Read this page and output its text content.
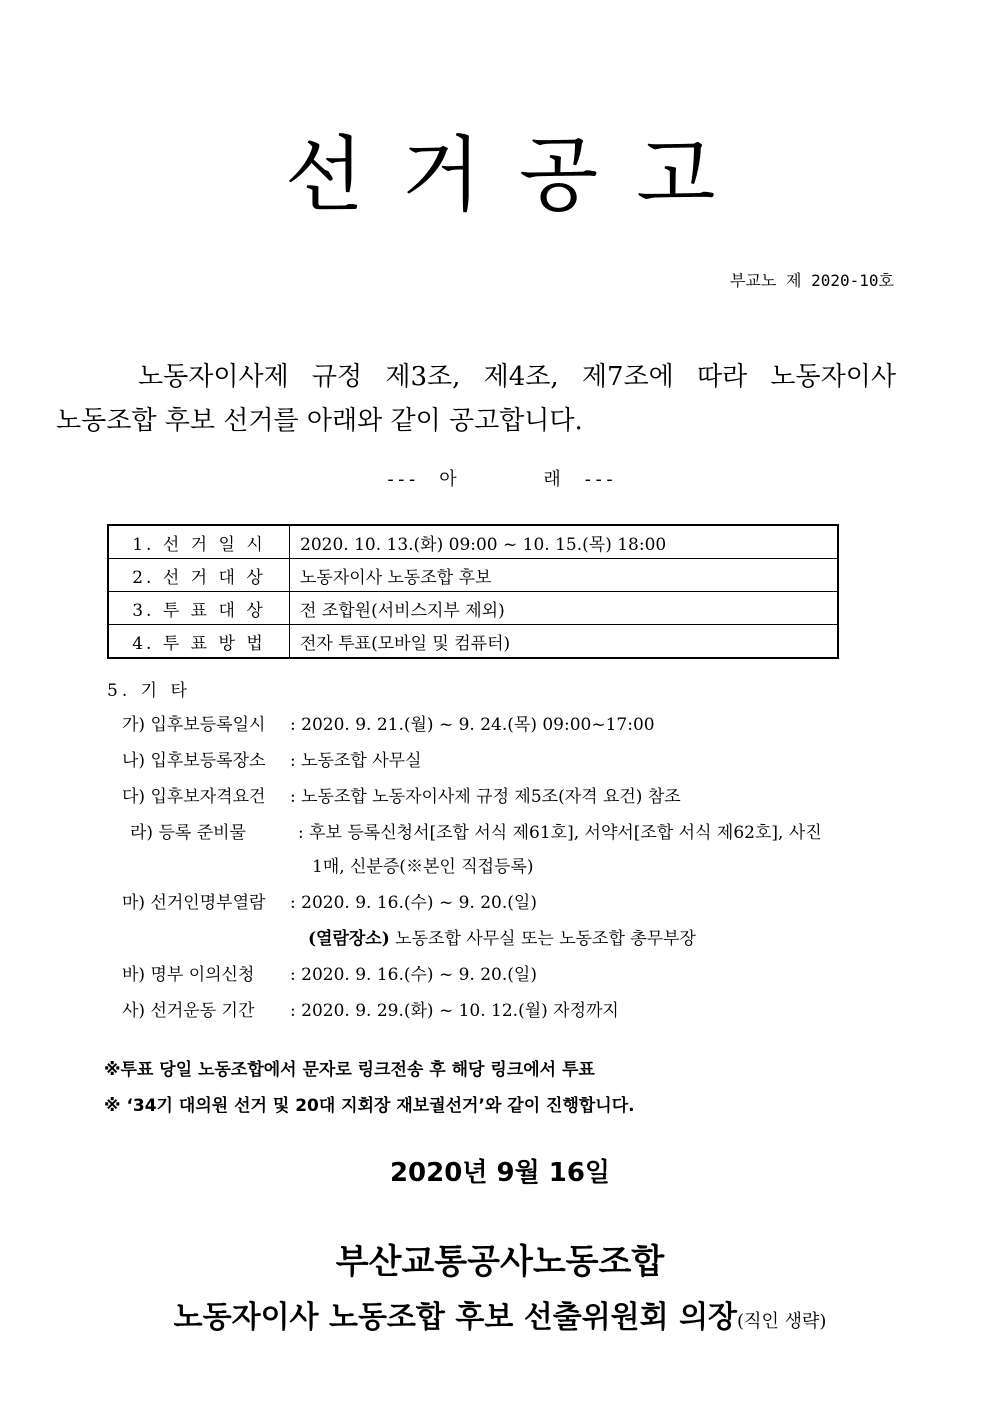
선거공고
부교노 제 2020-10호
노동자이사제 규정 제3조, 제4조, 제7조에 따라 노동자이사
노동조합 후보 선거를 아래와 같이 공고합니다.
---  아        래  ---
1. 선 거 일 시	2020. 10. 13.(화) 09:00 ~ 10. 15.(목) 18:00
2. 선 거 대 상	노동자이사 노동조합 후보
3. 투 표 대 상	전 조합원(서비스지부 제외)
4. 투 표 방 법	전자 투표(모바일 및 컴퓨터)
5. 기 타
가) 입후보등록일시 : 2020. 9. 21.(월) ~ 9. 24.(목) 09:00~17:00
나) 입후보등록장소 : 노동조합 사무실
다) 입후보자격요건 : 노동조합 노동자이사제 규정 제5조(자격 요건) 참조
라) 등록 준비물	: 후보 등록신청서[조합 서식 제61호], 서약서[조합 서식 제62호], 사진
1매, 신분증(※본인 직접등록)
마) 선거인명부열람 : 2020. 9. 16.(수) ~ 9. 20.(일)
(열람장소) 노동조합 사무실 또는 노동조합 총무부장
바) 명부 이의신청 : 2020. 9. 16.(수) ~ 9. 20.(일)
사) 선거운동 기간 : 2020. 9. 29.(화) ~ 10. 12.(월) 자정까지
※투표 당일 노동조합에서 문자로 링크전송 후 해당 링크에서 투표
※ ‘34기 대의원 선거 및 20대 지회장 재보궐선거’와 같이 진행합니다.
2020년 9월 16일
부산교통공사노동조합
노동자이사 노동조합 후보 선출위원회 의장(직인 생략)
